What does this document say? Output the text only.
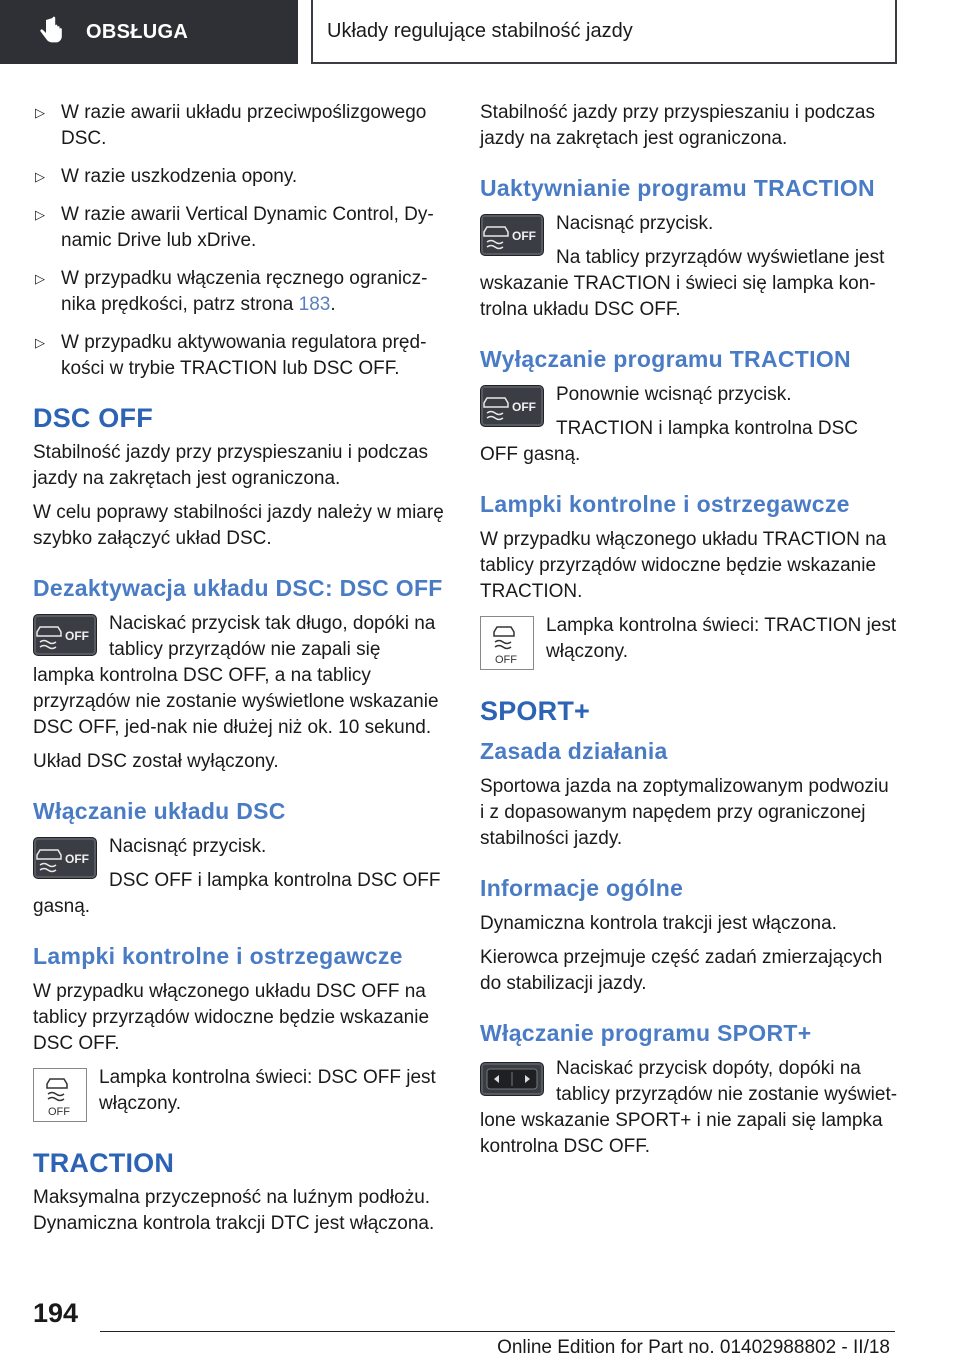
OBSŁUGA	Układy regulujące stabilność jazdy
▷ W razie awarii układu przeciwpoślizgowego DSC.
▷ W razie uszkodzenia opony.
▷ W razie awarii Vertical Dynamic Control, Dy‐namic Drive lub xDrive.
▷ W przypadku włączenia ręcznego ogranicz‐nika prędkości, patrz strona 183.
▷ W przypadku aktywowania regulatora pręd‐kości w trybie TRACTION lub DSC OFF.
DSC OFF

Stabilność jazdy przy przyspieszaniu i podczas jazdy na zakrętach jest ograniczona.

W celu poprawy stabilności jazdy należy w miarę szybko załączyć układ DSC.

Dezaktywacja układu DSC: DSC OFF
OFF
Naciskać przycisk tak długo, dopóki na tablicy przyrządów nie zapali się lampka kontrolna DSC OFF, a na tablicy przyrządów nie zostanie wyświetlone wskazanie DSC OFF, jed‐nak nie dłużej niż ok. 10 sekund.

Układ DSC został wyłączony.

Włączanie układu DSC
OFF

Nacisnąć przycisk.

DSC OFF i lampka kontrolna DSC OFF gasną.

Lampki kontrolne i ostrzegawcze

W przypadku włączonego układu DSC OFF na tablicy przyrządów widoczne będzie wskazanie DSC OFF.

OFF
Lampka kontrolna świeci: DSC OFF jest włączony.
TRACTION

Maksymalna przyczepność na luźnym podłożu. Dynamiczna kontrola trakcji DTC jest włączona.

Stabilność jazdy przy przyspieszaniu i podczas jazdy na zakrętach jest ograniczona.

Uaktywnianie programu TRACTION
OFF

Nacisnąć przycisk.

Na tablicy przyrządów wyświetlane jest wskazanie TRACTION i świeci się lampka kon‐trolna układu DSC OFF.

Wyłączanie programu TRACTION
OFF

Ponownie wcisnąć przycisk.

TRACTION i lampka kontrolna DSC OFF gasną.

Lampki kontrolne i ostrzegawcze

W przypadku włączonego układu TRACTION na tablicy przyrządów widoczne będzie wskazanie TRACTION.

OFF
Lampka kontrolna świeci: TRACTION jest włączony.
SPORT+
Zasada działania

Sportowa jazda na zoptymalizowanym podwoziu i z dopasowanym napędem przy ograniczonej stabilności jazdy.

Informacje ogólne

Dynamiczna kontrola trakcji jest włączona.

Kierowca przejmuje część zadań zmierzających do stabilizacji jazdy.

Włączanie programu SPORT+
Naciskać przycisk dopóty, dopóki na tablicy przyrządów nie zostanie wyświet‐lone wskazanie SPORT+ i nie zapali się lampka kontrolna DSC OFF.
194
Online Edition for Part no. 01402988802 - II/18
